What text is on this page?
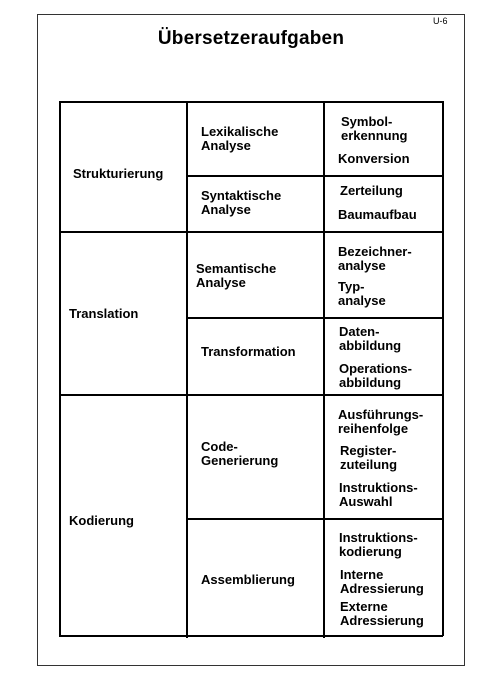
U-6
Übersetzeraufgaben
Strukturierung
Translation
Kodierung
Lexikalische
Analyse
Syntaktische
Analyse
Semantische
Analyse
Transformation
Code-
Generierung
Assemblierung
Symbol-
erkennung
Konversion
Zerteilung
Baumaufbau
Bezeichner-
analyse
Typ-
analyse
Daten-
abbildung
Operations-
abbildung
Ausführungs-
reihenfolge
Register-
zuteilung
Instruktions-
Auswahl
Instruktions-
kodierung
Interne
Adressierung
Externe
Adressierung
